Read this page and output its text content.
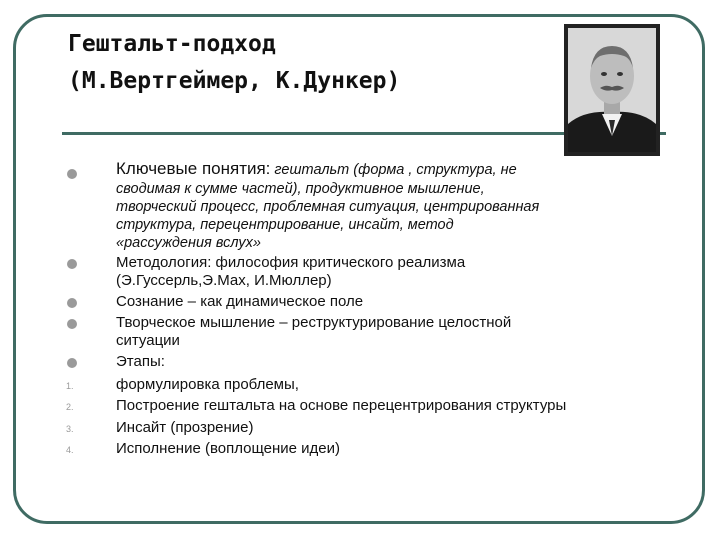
Гештальт-подход
(М.Вертгеймер, К.Дункер)
Ключевые понятия: гештальт (форма , структура, не
сводимая к сумме частей), продуктивное мышление,
творческий процесс, проблемная ситуация, центрированная
структура, перецентрирование, инсайт, метод
«рассуждения вслух»
Методология: философия критического реализма
(Э.Гуссерль,Э.Мах, И.Мюллер)
Сознание – как динамическое поле
Творческое мышление – реструктурирование целостной
ситуации
Этапы:
1.	формулировка проблемы,
2.	Построение гештальта на основе перецентрирования структуры
3.	Инсайт (прозрение)
4.	Исполнение (воплощение идеи)
